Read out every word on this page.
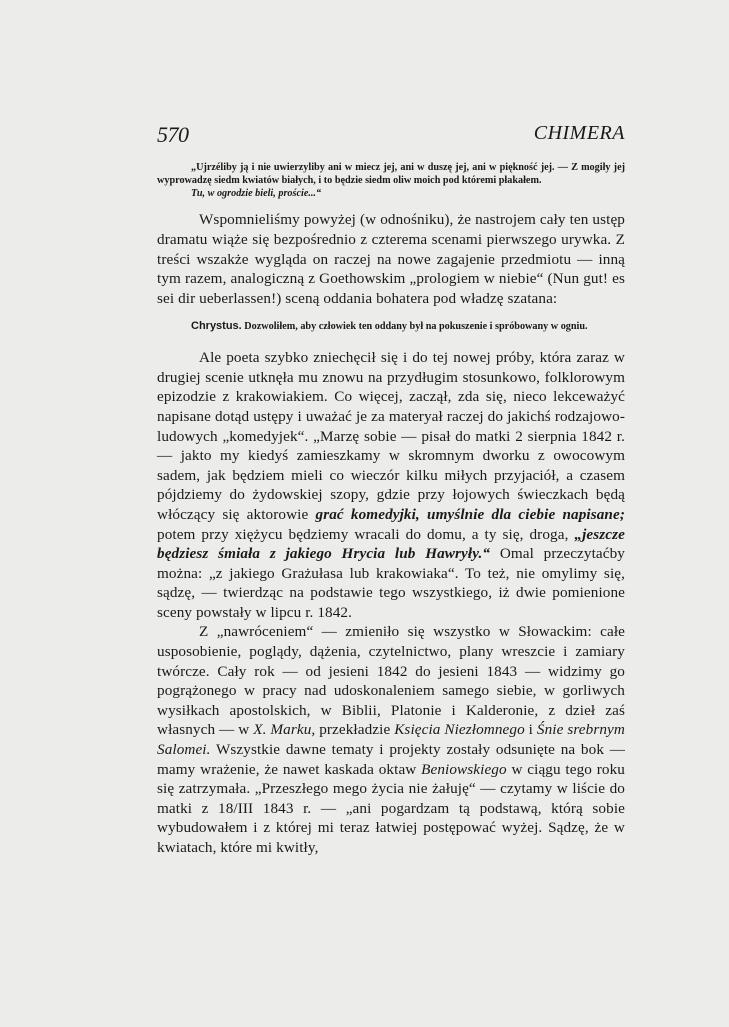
570	CHIMERA

„Ujrzéliby ją i nie uwierzyliby ani w miecz jej, ani w duszę jej, ani w piękność jej. — Z mogiły jej wyprowadzę siedm kwiatów białych, i to będzie siedm oliw moich pod któremi płakałem.

Tu, w ogrodzie bieli, proście...“

Wspomnieliśmy powyżej (w odnośniku), że nastrojem cały ten ustęp dramatu wiąże się bezpośrednio z czterema scenami pierwszego urywka. Z treści wszakże wygląda on raczej na nowe zagajenie przedmiotu — inną tym razem, analogiczną z Goethowskim „prologiem w niebie“ (Nun gut! es sei dir ueberlassen!) sceną oddania bohatera pod władzę szatana:

Chrystus. Dozwoliłem, aby człowiek ten oddany był na pokuszenie i spróbowany w ogniu.

Ale poeta szybko zniechęcił się i do tej nowej próby, która zaraz w drugiej scenie utknęła mu znowu na przydługim stosunkowo, folklorowym epizodzie z krakowiakiem. Co więcej, zaczął, zda się, nieco lekceważyć napisane dotąd ustępy i uważać je za materyał raczej do jakichś rodzajowo-ludowych „komedyjek“. „Marzę sobie — pisał do matki 2 sierpnia 1842 r. — jakto my kiedyś zamieszkamy w skromnym dworku z owocowym sadem, jak będziem mieli co wieczór kilku miłych przyjaciół, a czasem pójdziemy do żydowskiej szopy, gdzie przy łojowych świeczkach będą włóczący się aktorowie grać komedyjki, umyślnie dla ciebie napisane; potem przy xiężycu będziemy wracali do domu, a ty się, droga, „jeszcze będziesz śmiała z jakiego Hrycia lub Hawryły.“ Omal przeczytaćby można: „z jakiego Grażułasa lub krakowiaka“. To też, nie omylimy się, sądzę, — twierdząc na podstawie tego wszystkiego, iż dwie pomienione sceny powstały w lipcu r. 1842.

Z „nawróceniem“ — zmieniło się wszystko w Słowackim: całe usposobienie, poglądy, dążenia, czytelnictwo, plany wreszcie i zamiary twórcze. Cały rok — od jesieni 1842 do jesieni 1843 — widzimy go pogrążonego w pracy nad udoskonaleniem samego siebie, w gorliwych wysiłkach apostolskich, w Biblii, Platonie i Kalderonie, z dzieł zaś własnych — w X. Marku, przekładzie Księcia Niezłomnego i Śnie srebrnym Salomei. Wszystkie dawne tematy i projekty zostały odsunięte na bok — mamy wrażenie, że nawet kaskada oktaw Beniowskiego w ciągu tego roku się zatrzymała. „Przeszłego mego życia nie żałuję“ — czytamy w liście do matki z 18/III 1843 r. — „ani pogardzam tą podstawą, którą sobie wybudowałem i z której mi teraz łatwiej postępować wyżej. Sądzę, że w kwiatach, które mi kwitły,
